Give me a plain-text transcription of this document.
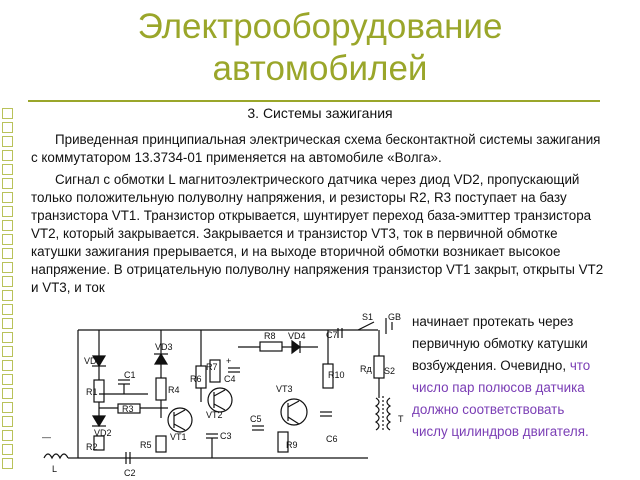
Электрооборудование
автомобилей
3. Системы зажигания
Приведенная принципиальная электрическая схема бесконтактной системы зажигания с коммутатором 13.3734-01 применяется на автомобиле «Волга».
Сигнал с обмотки L магнитоэлектрического датчика через диод VD2, пропускающий только положительную полуволну напряжения, и резисторы R2, R3 поступает на базу транзистора VT1. Транзистор открывается, шунтирует переход база-эмиттер транзистора VT2, который закрывается. Закрывается и транзистор VT3, ток в первичной обмотке катушки зажигания прерывается, и на выходе вторичной обмотки возникает высокое напряжение. В отрицательную полуволну напряжения транзистор VT1 закрыт, открыты VT2 и VT3, и ток
начинает протекать через
первичную обмотку катушки
возбуждения. Очевидно, что
число пар полюсов датчика
должно соответствовать
числу цилиндров двигателя.
VD1
R1
VD2
R2
C1
R3
VD3
R4
VT1
R5
R6
R7
VT2
C4
+
C3
R8 VD4
R10
VT3
C5
R9
C6
C7
S1 GB
Rд S2
T
L
—
C2
